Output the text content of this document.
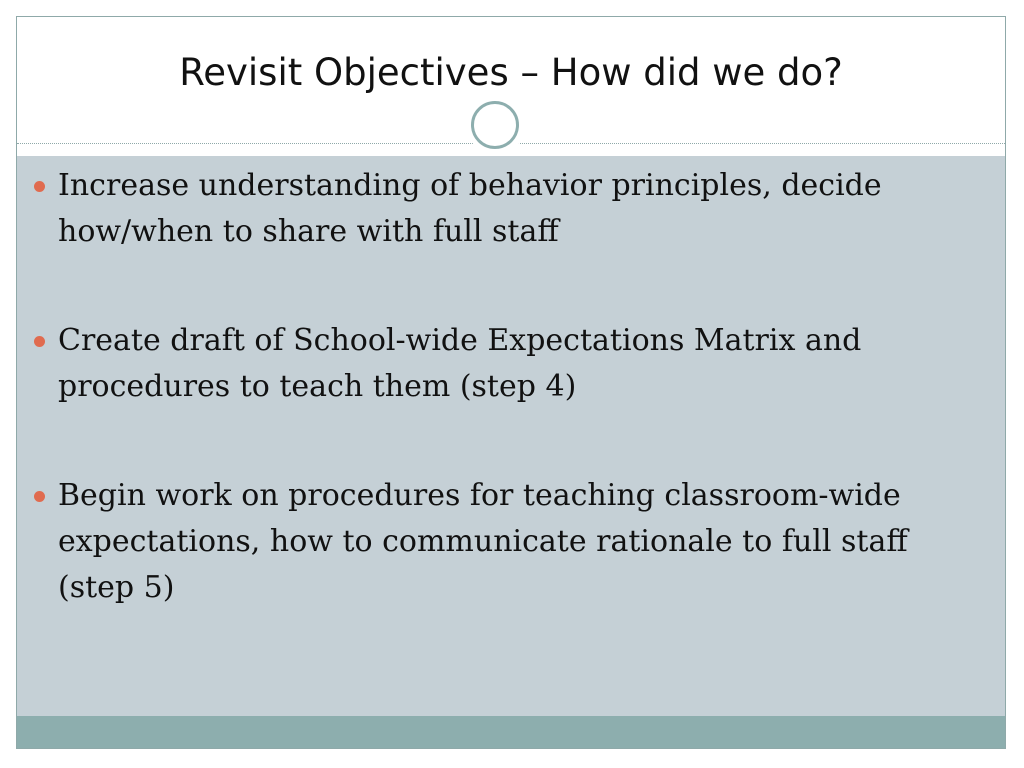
Revisit Objectives – How did we do?
Increase understanding of behavior principles, decide how/when to share with full staff
Create draft of School-wide Expectations Matrix and procedures to teach them (step 4)
Begin work on procedures for teaching classroom-wide expectations, how to communicate rationale to full staff (step 5)
